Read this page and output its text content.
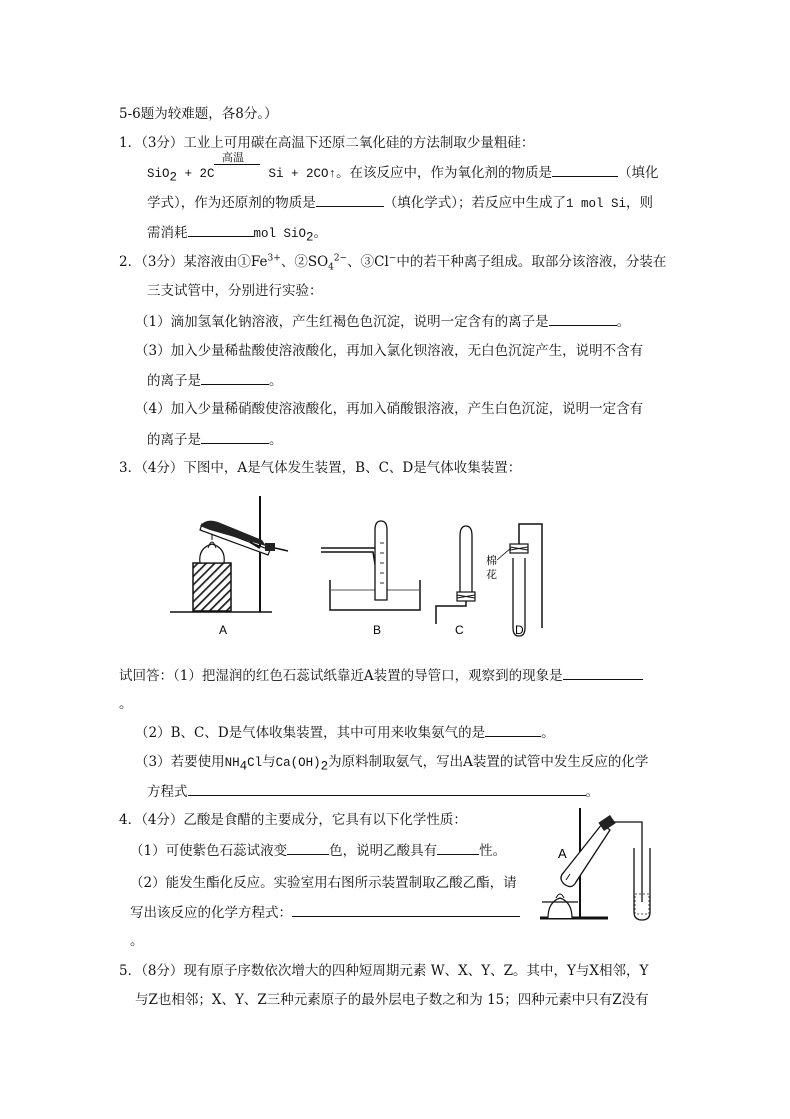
5-6题为较难题，各8分。）
1．（3分）工业上可用碳在高温下还原二氧化硅的方法制取少量粗硅：
高温
SiO$_2$ + 2C	Si + 2CO↑。在该反应中，作为氧化剂的物质是	（填化
学式），作为还原剂的物质是	（填化学式）；若反应中生成了1 mol Si，则
需消耗	mol SiO$_2$。
2．（3分）某溶液由$①Fe^{3+}$、$②SO_4^{2-}$、③Cl−中的若干种离子组成。取部分该溶液，分装在
三支试管中，分别进行实验：
（1）滴加氢氧化钠溶液，产生红褐色色沉淀，说明一定含有的离子是	。
（3）加入少量稀盐酸使溶液酸化，再加入氯化钡溶液，无白色沉淀产生，说明不含有
的离子是	。
（4）加入少量稀硝酸使溶液酸化，再加入硝酸银溶液，产生白色沉淀，说明一定含有
的离子是	。
3．（4分）下图中，A是气体发生装置，B、C、D是气体收集装置：
棉
花
A	B	C	D
试回答：（1）把湿润的红色石蕊试纸靠近A装置的导管口，观察到的现象是
。
（2）B、C、D是气体收集装置，其中可用来收集氨气的是	。
（3）若要使用$NH_4Cl$与$Ca(OH)_2$为原料制取氨气，写出A装置的试管中发生反应的化学
方程式	。
4．（4分）乙酸是食醋的主要成分，它具有以下化学性质：
（1）可使紫色石蕊试液变	色，说明乙酸具有	性。
（2）能发生酯化反应。实验室用右图所示装置制取乙酸乙酯，请
写出该反应的化学方程式：
。
A
5．（8分）现有原子序数依次增大的四种短周期元素 W、X、Y、Z。其中，Y与X相邻，Y
与Z也相邻；X、Y、Z三种元素原子的最外层电子数之和为 15；四种元素中只有Z没有
